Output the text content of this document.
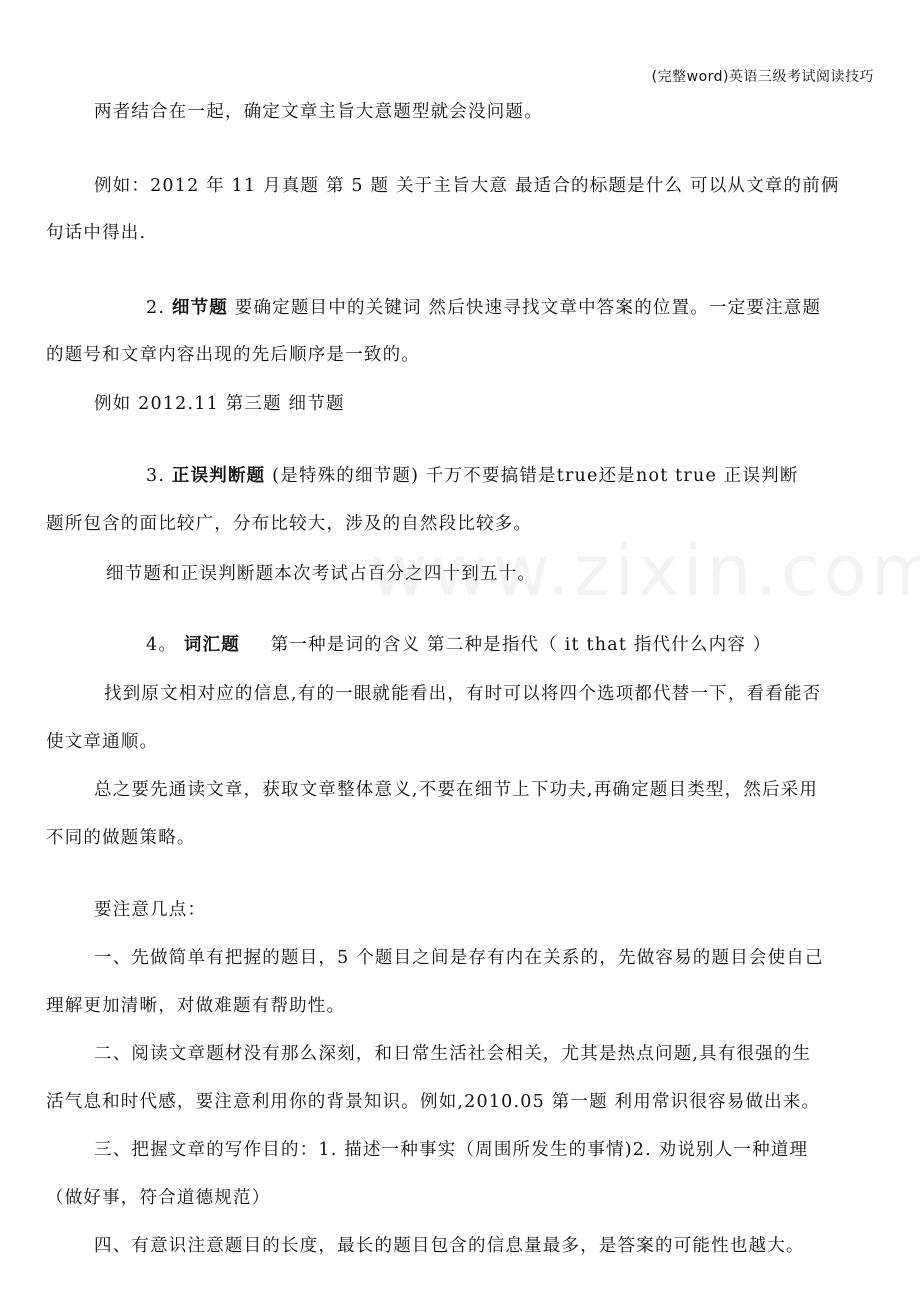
(完整word)英语三级考试阅读技巧
两者结合在一起，确定文章主旨大意题型就会没问题。
例如：2012 年 11 月真题 第 5 题 关于主旨大意 最适合的标题是什么 可以从文章的前俩
句话中得出.
2. 细节题 要确定题目中的关键词 然后快速寻找文章中答案的位置。一定要注意题
的题号和文章内容出现的先后顺序是一致的。
例如 2012.11 第三题 细节题
3. 正误判断题 (是特殊的细节题) 千万不要搞错是true还是not true 正误判断
题所包含的面比较广，分布比较大，涉及的自然段比较多。
细节题和正误判断题本次考试占百分之四十到五十。
4。 词汇题 第一种是词的含义 第二种是指代（ it that 指代什么内容 ）
找到原文相对应的信息,有的一眼就能看出，有时可以将四个选项都代替一下，看看能否
使文章通顺。
总之要先通读文章，获取文章整体意义,不要在细节上下功夫,再确定题目类型，然后采用
不同的做题策略。
要注意几点：
一、先做简单有把握的题目，5 个题目之间是存有内在关系的，先做容易的题目会使自己
理解更加清晰，对做难题有帮助性。
二、阅读文章题材没有那么深刻，和日常生活社会相关，尤其是热点问题,具有很强的生
活气息和时代感，要注意利用你的背景知识。例如,2010.05 第一题 利用常识很容易做出来。
三、把握文章的写作目的：1. 描述一种事实（周围所发生的事情)2. 劝说别人一种道理
（做好事，符合道德规范）
四、有意识注意题目的长度，最长的题目包含的信息量最多，是答案的可能性也越大。
